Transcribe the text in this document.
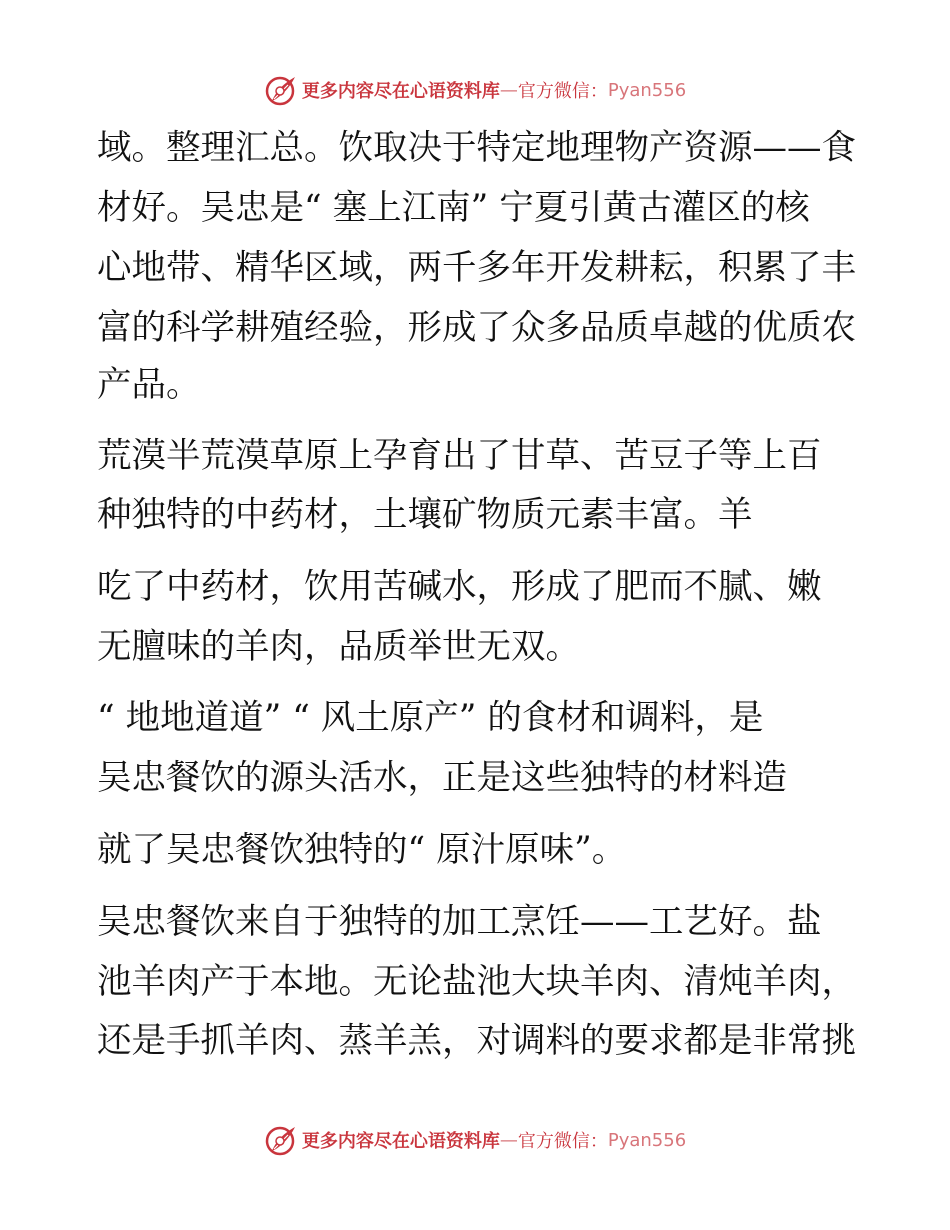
更多内容尽在心语资料库 — 官方微信： Pyan556
域。整理汇总。饮取决于特定地理物产资源——食
材好。吴忠是“ 塞上江南” 宁夏引黄古灌区的核
心地带、精华区域，两千多年开发耕耘，积累了丰
富的科学耕殖经验，形成了众多品质卓越的优质农
产品。
荒漠半荒漠草原上孕育出了甘草、苦豆子等上百
种独特的中药材，土壤矿物质元素丰富。羊
吃了中药材，饮用苦碱水，形成了肥而不腻、嫩
无膻味的羊肉，品质举世无双。
“ 地地道道” “ 风土原产” 的食材和调料，是
吴忠餐饮的源头活水，正是这些独特的材料造
就了吴忠餐饮独特的“ 原汁原味”。
吴忠餐饮来自于独特的加工烹饪——工艺好。盐
池羊肉产于本地。无论盐池大块羊肉、清炖羊肉，
还是手抓羊肉、蒸羊羔，对调料的要求都是非常挑
更多内容尽在心语资料库 — 官方微信： Pyan556
